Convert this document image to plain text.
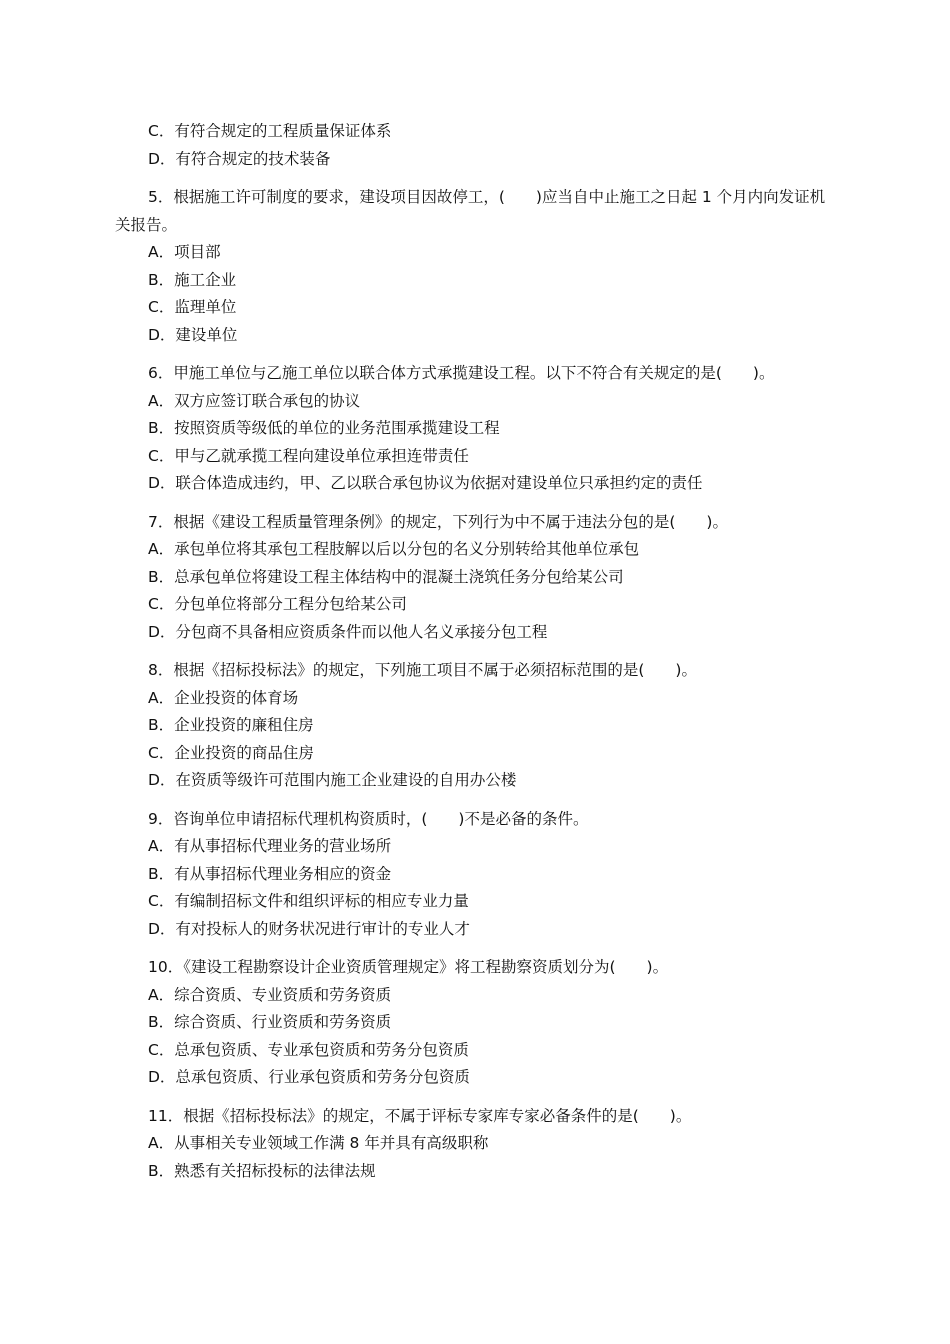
C．有符合规定的工程质量保证体系

D．有符合规定的技术装备

5．根据施工许可制度的要求，建设项目因故停工，(　　)应当自中止施工之日起 1 个月内向发证机关报告。

A．项目部

B．施工企业

C．监理单位

D．建设单位

6．甲施工单位与乙施工单位以联合体方式承揽建设工程。以下不符合有关规定的是(　　)。

A．双方应签订联合承包的协议

B．按照资质等级低的单位的业务范围承揽建设工程

C．甲与乙就承揽工程向建设单位承担连带责任

D．联合体造成违约，甲、乙以联合承包协议为依据对建设单位只承担约定的责任

7．根据《建设工程质量管理条例》的规定，下列行为中不属于违法分包的是(　　)。

A．承包单位将其承包工程肢解以后以分包的名义分别转给其他单位承包

B．总承包单位将建设工程主体结构中的混凝土浇筑任务分包给某公司

C．分包单位将部分工程分包给某公司

D．分包商不具备相应资质条件而以他人名义承接分包工程

8．根据《招标投标法》的规定，下列施工项目不属于必须招标范围的是(　　)。

A．企业投资的体育场

B．企业投资的廉租住房

C．企业投资的商品住房

D．在资质等级许可范围内施工企业建设的自用办公楼

9．咨询单位申请招标代理机构资质时，(　　)不是必备的条件。

A．有从事招标代理业务的营业场所

B．有从事招标代理业务相应的资金

C．有编制招标文件和组织评标的相应专业力量

D．有对投标人的财务状况进行审计的专业人才

10．《建设工程勘察设计企业资质管理规定》将工程勘察资质划分为(　　)。

A．综合资质、专业资质和劳务资质

B．综合资质、行业资质和劳务资质

C．总承包资质、专业承包资质和劳务分包资质

D．总承包资质、行业承包资质和劳务分包资质

11．根据《招标投标法》的规定，不属于评标专家库专家必备条件的是(　　)。

A．从事相关专业领域工作满 8 年并具有高级职称

B．熟悉有关招标投标的法律法规
